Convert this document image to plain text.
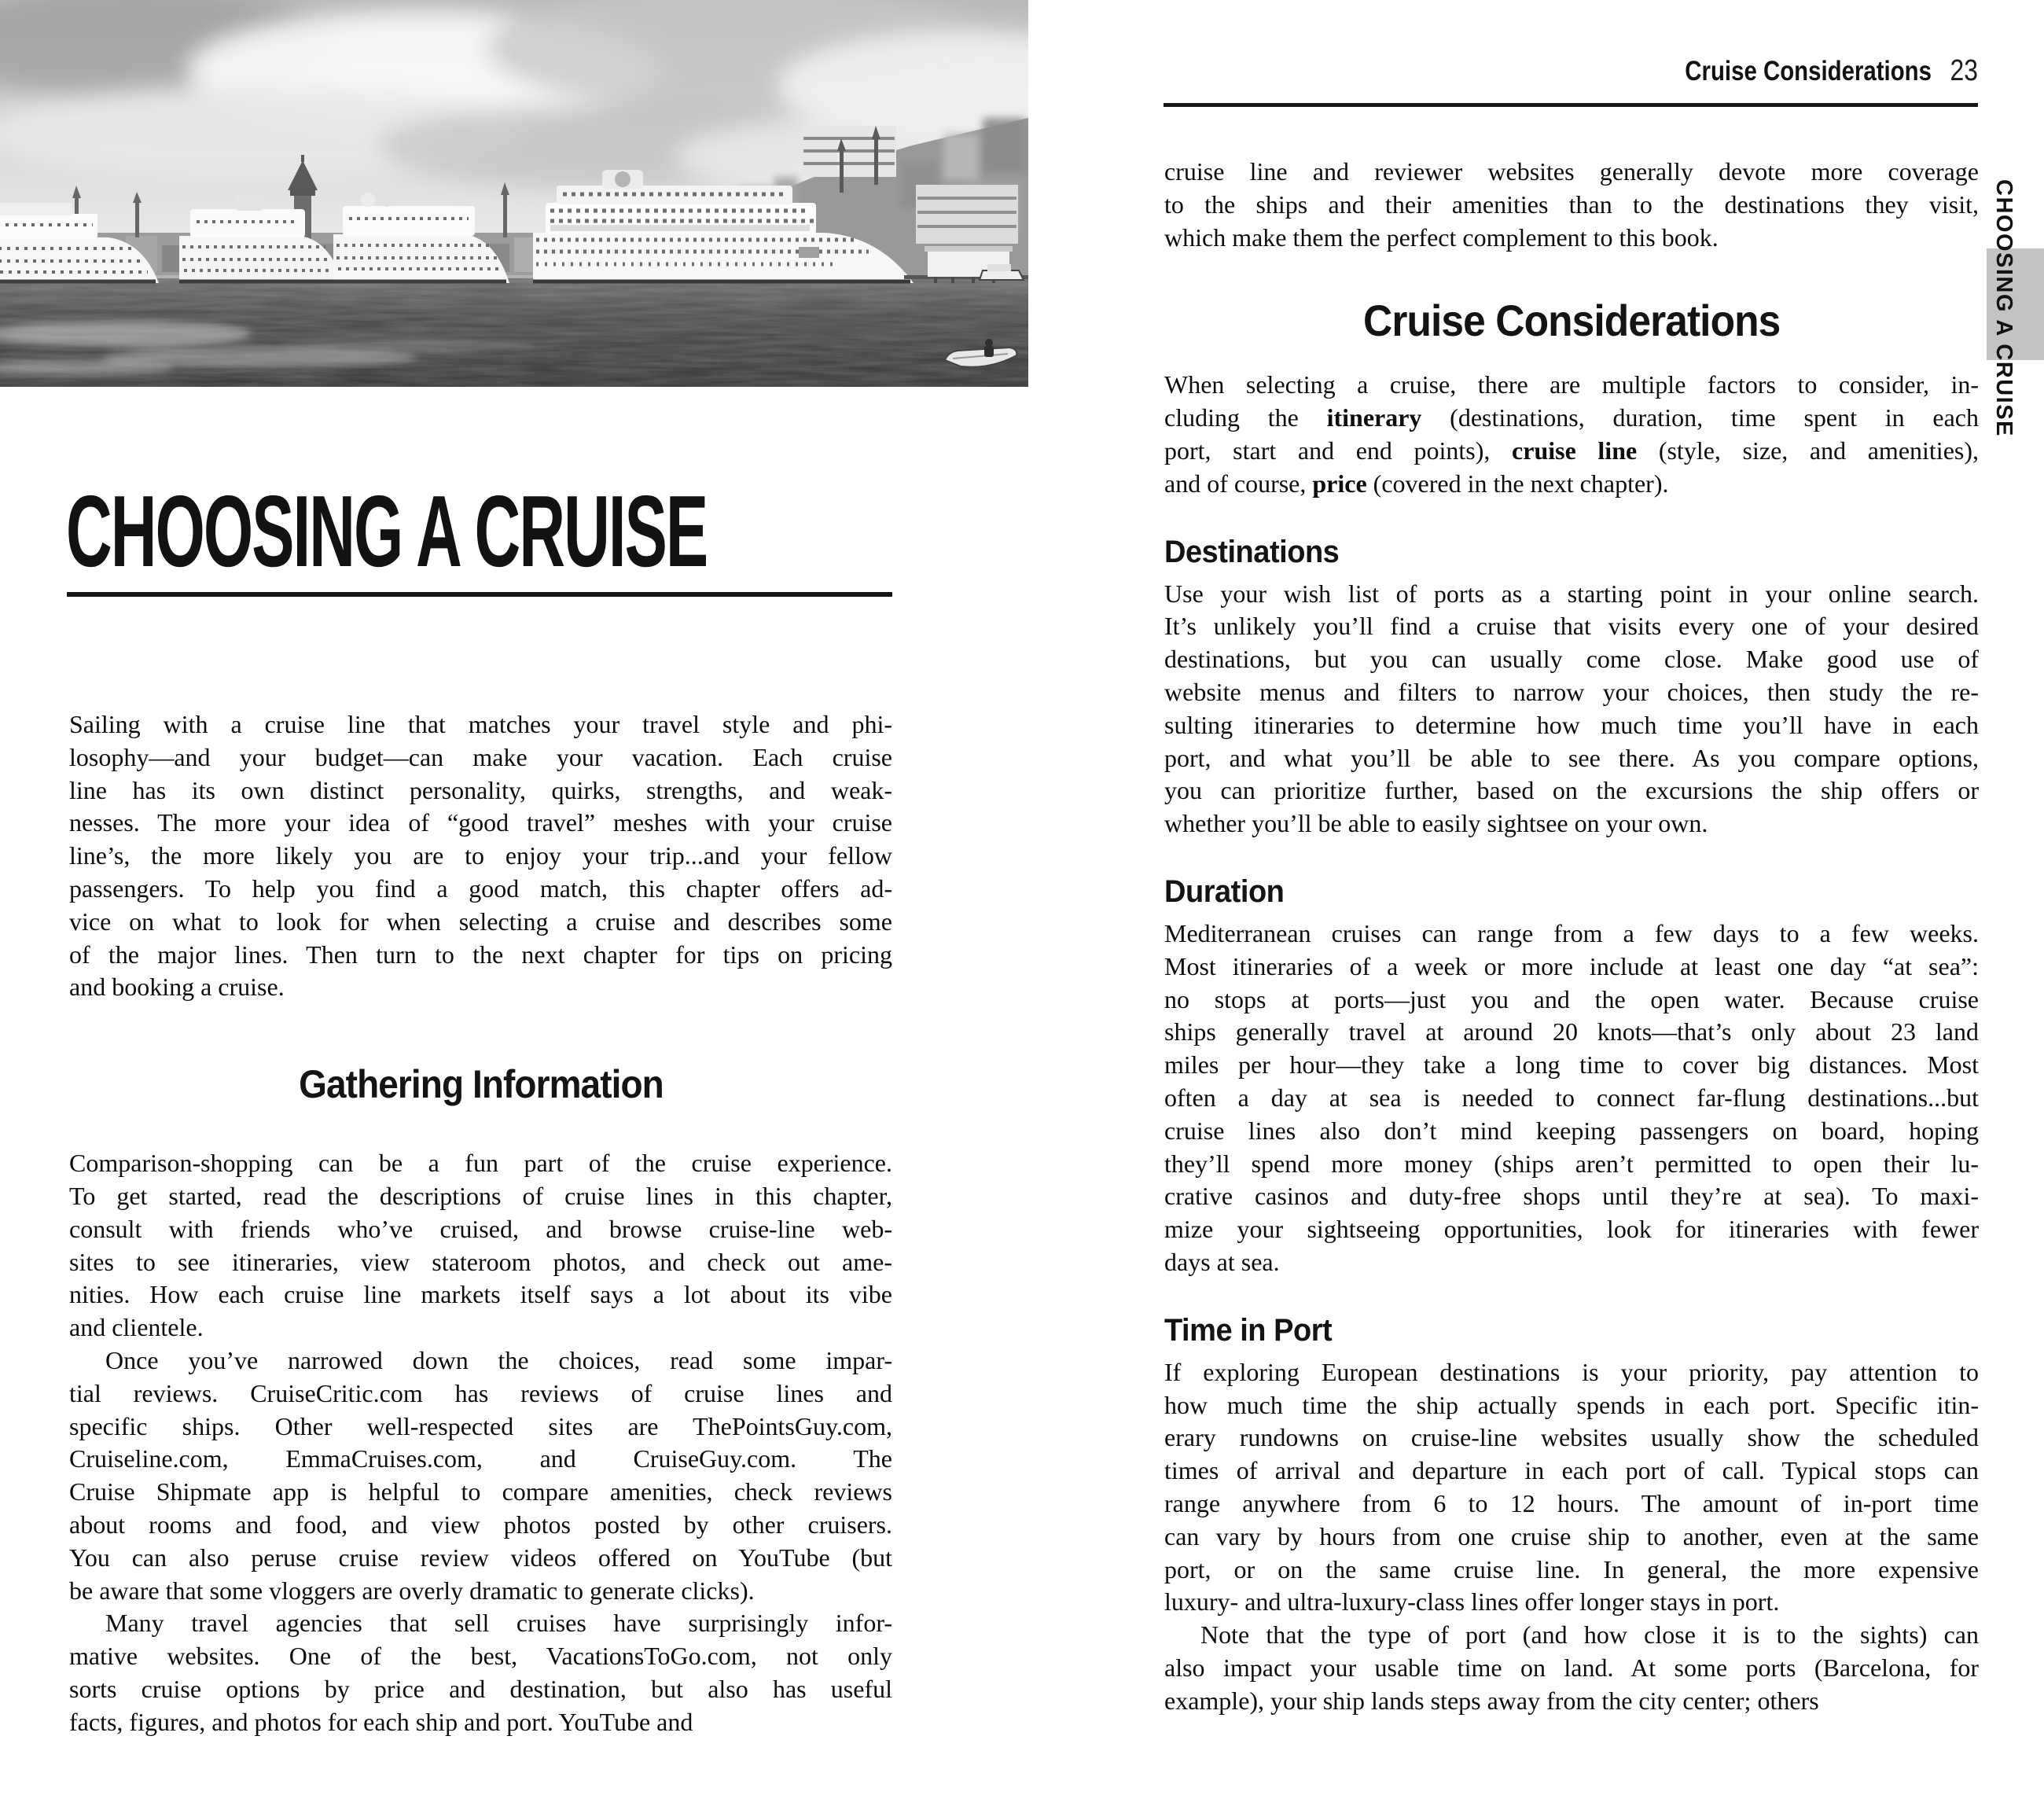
CHOOSING A CRUISE
Sailing with a cruise line that matches your travel style and phi-
losophy—and your budget—can make your vacation. Each cruise
line has its own distinct personality, quirks, strengths, and weak-
nesses. The more your idea of “good travel” meshes with your cruise
line’s, the more likely you are to enjoy your trip...and your fellow
passengers. To help you find a good match, this chapter offers ad-
vice on what to look for when selecting a cruise and describes some
of the major lines. Then turn to the next chapter for tips on pricing
and booking a cruise.
Gathering Information
Comparison-shopping can be a fun part of the cruise experience.
To get started, read the descriptions of cruise lines in this chapter,
consult with friends who’ve cruised, and browse cruise-line web-
sites to see itineraries, view stateroom photos, and check out ame-
nities. How each cruise line markets itself says a lot about its vibe
and clientele.
Once you’ve narrowed down the choices, read some impar-
tial reviews. CruiseCritic.com has reviews of cruise lines and
specific ships. Other well-respected sites are ThePointsGuy.com,
Cruiseline.com, EmmaCruises.com, and CruiseGuy.com. The
Cruise Shipmate app is helpful to compare amenities, check reviews
about rooms and food, and view photos posted by other cruisers.
You can also peruse cruise review videos offered on YouTube (but
be aware that some vloggers are overly dramatic to generate clicks).
Many travel agencies that sell cruises have surprisingly infor-
mative websites. One of the best, VacationsToGo.com, not only
sorts cruise options by price and destination, but also has useful
facts, figures, and photos for each ship and port. YouTube and
Cruise Considerations 23
cruise line and reviewer websites generally devote more coverage
to the ships and their amenities than to the destinations they visit,
which make them the perfect complement to this book.
Cruise Considerations
When selecting a cruise, there are multiple factors to consider, in-
cluding the itinerary (destinations, duration, time spent in each
port, start and end points), cruise line (style, size, and amenities),
and of course, price (covered in the next chapter).
Destinations
Use your wish list of ports as a starting point in your online search.
It’s unlikely you’ll find a cruise that visits every one of your desired
destinations, but you can usually come close. Make good use of
website menus and filters to narrow your choices, then study the re-
sulting itineraries to determine how much time you’ll have in each
port, and what you’ll be able to see there. As you compare options,
you can prioritize further, based on the excursions the ship offers or
whether you’ll be able to easily sightsee on your own.
Duration
Mediterranean cruises can range from a few days to a few weeks.
Most itineraries of a week or more include at least one day “at sea”:
no stops at ports—just you and the open water. Because cruise
ships generally travel at around 20 knots—that’s only about 23 land
miles per hour—they take a long time to cover big distances. Most
often a day at sea is needed to connect far-flung destinations...but
cruise lines also don’t mind keeping passengers on board, hoping
they’ll spend more money (ships aren’t permitted to open their lu-
crative casinos and duty-free shops until they’re at sea). To maxi-
mize your sightseeing opportunities, look for itineraries with fewer
days at sea.
Time in Port
If exploring European destinations is your priority, pay attention to
how much time the ship actually spends in each port. Specific itin-
erary rundowns on cruise-line websites usually show the scheduled
times of arrival and departure in each port of call. Typical stops can
range anywhere from 6 to 12 hours. The amount of in-port time
can vary by hours from one cruise ship to another, even at the same
port, or on the same cruise line. In general, the more expensive
luxury- and ultra-luxury-class lines offer longer stays in port.
Note that the type of port (and how close it is to the sights) can
also impact your usable time on land. At some ports (Barcelona, for
example), your ship lands steps away from the city center; others
CHOOSING A CRUISE
